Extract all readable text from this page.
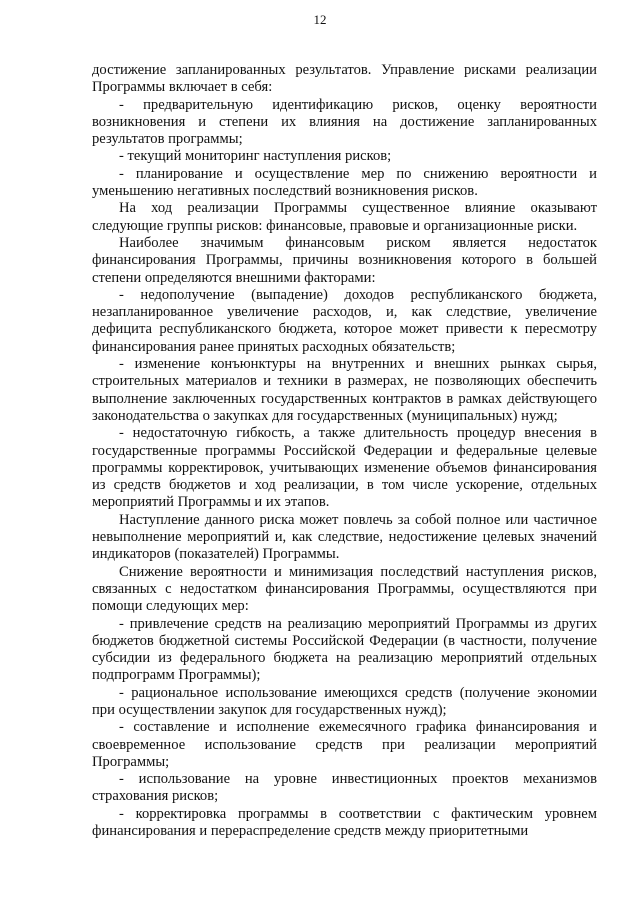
12

достижение запланированных результатов. Управление рисками реализации Программы включает в себя:

- предварительную идентификацию рисков, оценку вероятности возникновения и степени их влияния на достижение запланированных результатов программы;

- текущий мониторинг наступления рисков;

- планирование и осуществление мер по снижению вероятности и уменьшению негативных последствий возникновения рисков.

На ход реализации Программы существенное влияние оказывают следующие группы рисков: финансовые, правовые и организационные риски.

Наиболее значимым финансовым риском является недостаток финансирования Программы, причины возникновения которого в большей степени определяются внешними факторами:

- недополучение (выпадение) доходов республиканского бюджета, незапланированное увеличение расходов, и, как следствие, увеличение дефицита республиканского бюджета, которое может привести к пересмотру финансирования ранее принятых расходных обязательств;

- изменение конъюнктуры на внутренних и внешних рынках сырья, строительных материалов и техники в размерах, не позволяющих обеспечить выполнение заключенных государственных контрактов в рамках действующего законодательства о закупках для государственных (муниципальных) нужд;

- недостаточную гибкость, а также длительность процедур внесения в государственные программы Российской Федерации и федеральные целевые программы корректировок, учитывающих изменение объемов финансирования из средств бюджетов и ход реализации, в том числе ускорение, отдельных мероприятий Программы и их этапов.

Наступление данного риска может повлечь за собой полное или частичное невыполнение мероприятий и, как следствие, недостижение целевых значений индикаторов (показателей) Программы.

Снижение вероятности и минимизация последствий наступления рисков, связанных с недостатком финансирования Программы, осуществляются при помощи следующих мер:

- привлечение средств на реализацию мероприятий Программы из других бюджетов бюджетной системы Российской Федерации (в частности, получение субсидии из федерального бюджета на реализацию мероприятий отдельных подпрограмм Программы);

- рациональное использование имеющихся средств (получение экономии при осуществлении закупок для государственных нужд);

- составление и исполнение ежемесячного графика финансирования и своевременное использование средств при реализации мероприятий Программы;

- использование на уровне инвестиционных проектов механизмов страхования рисков;

- корректировка программы в соответствии с фактическим уровнем финансирования и перераспределение средств между приоритетными
